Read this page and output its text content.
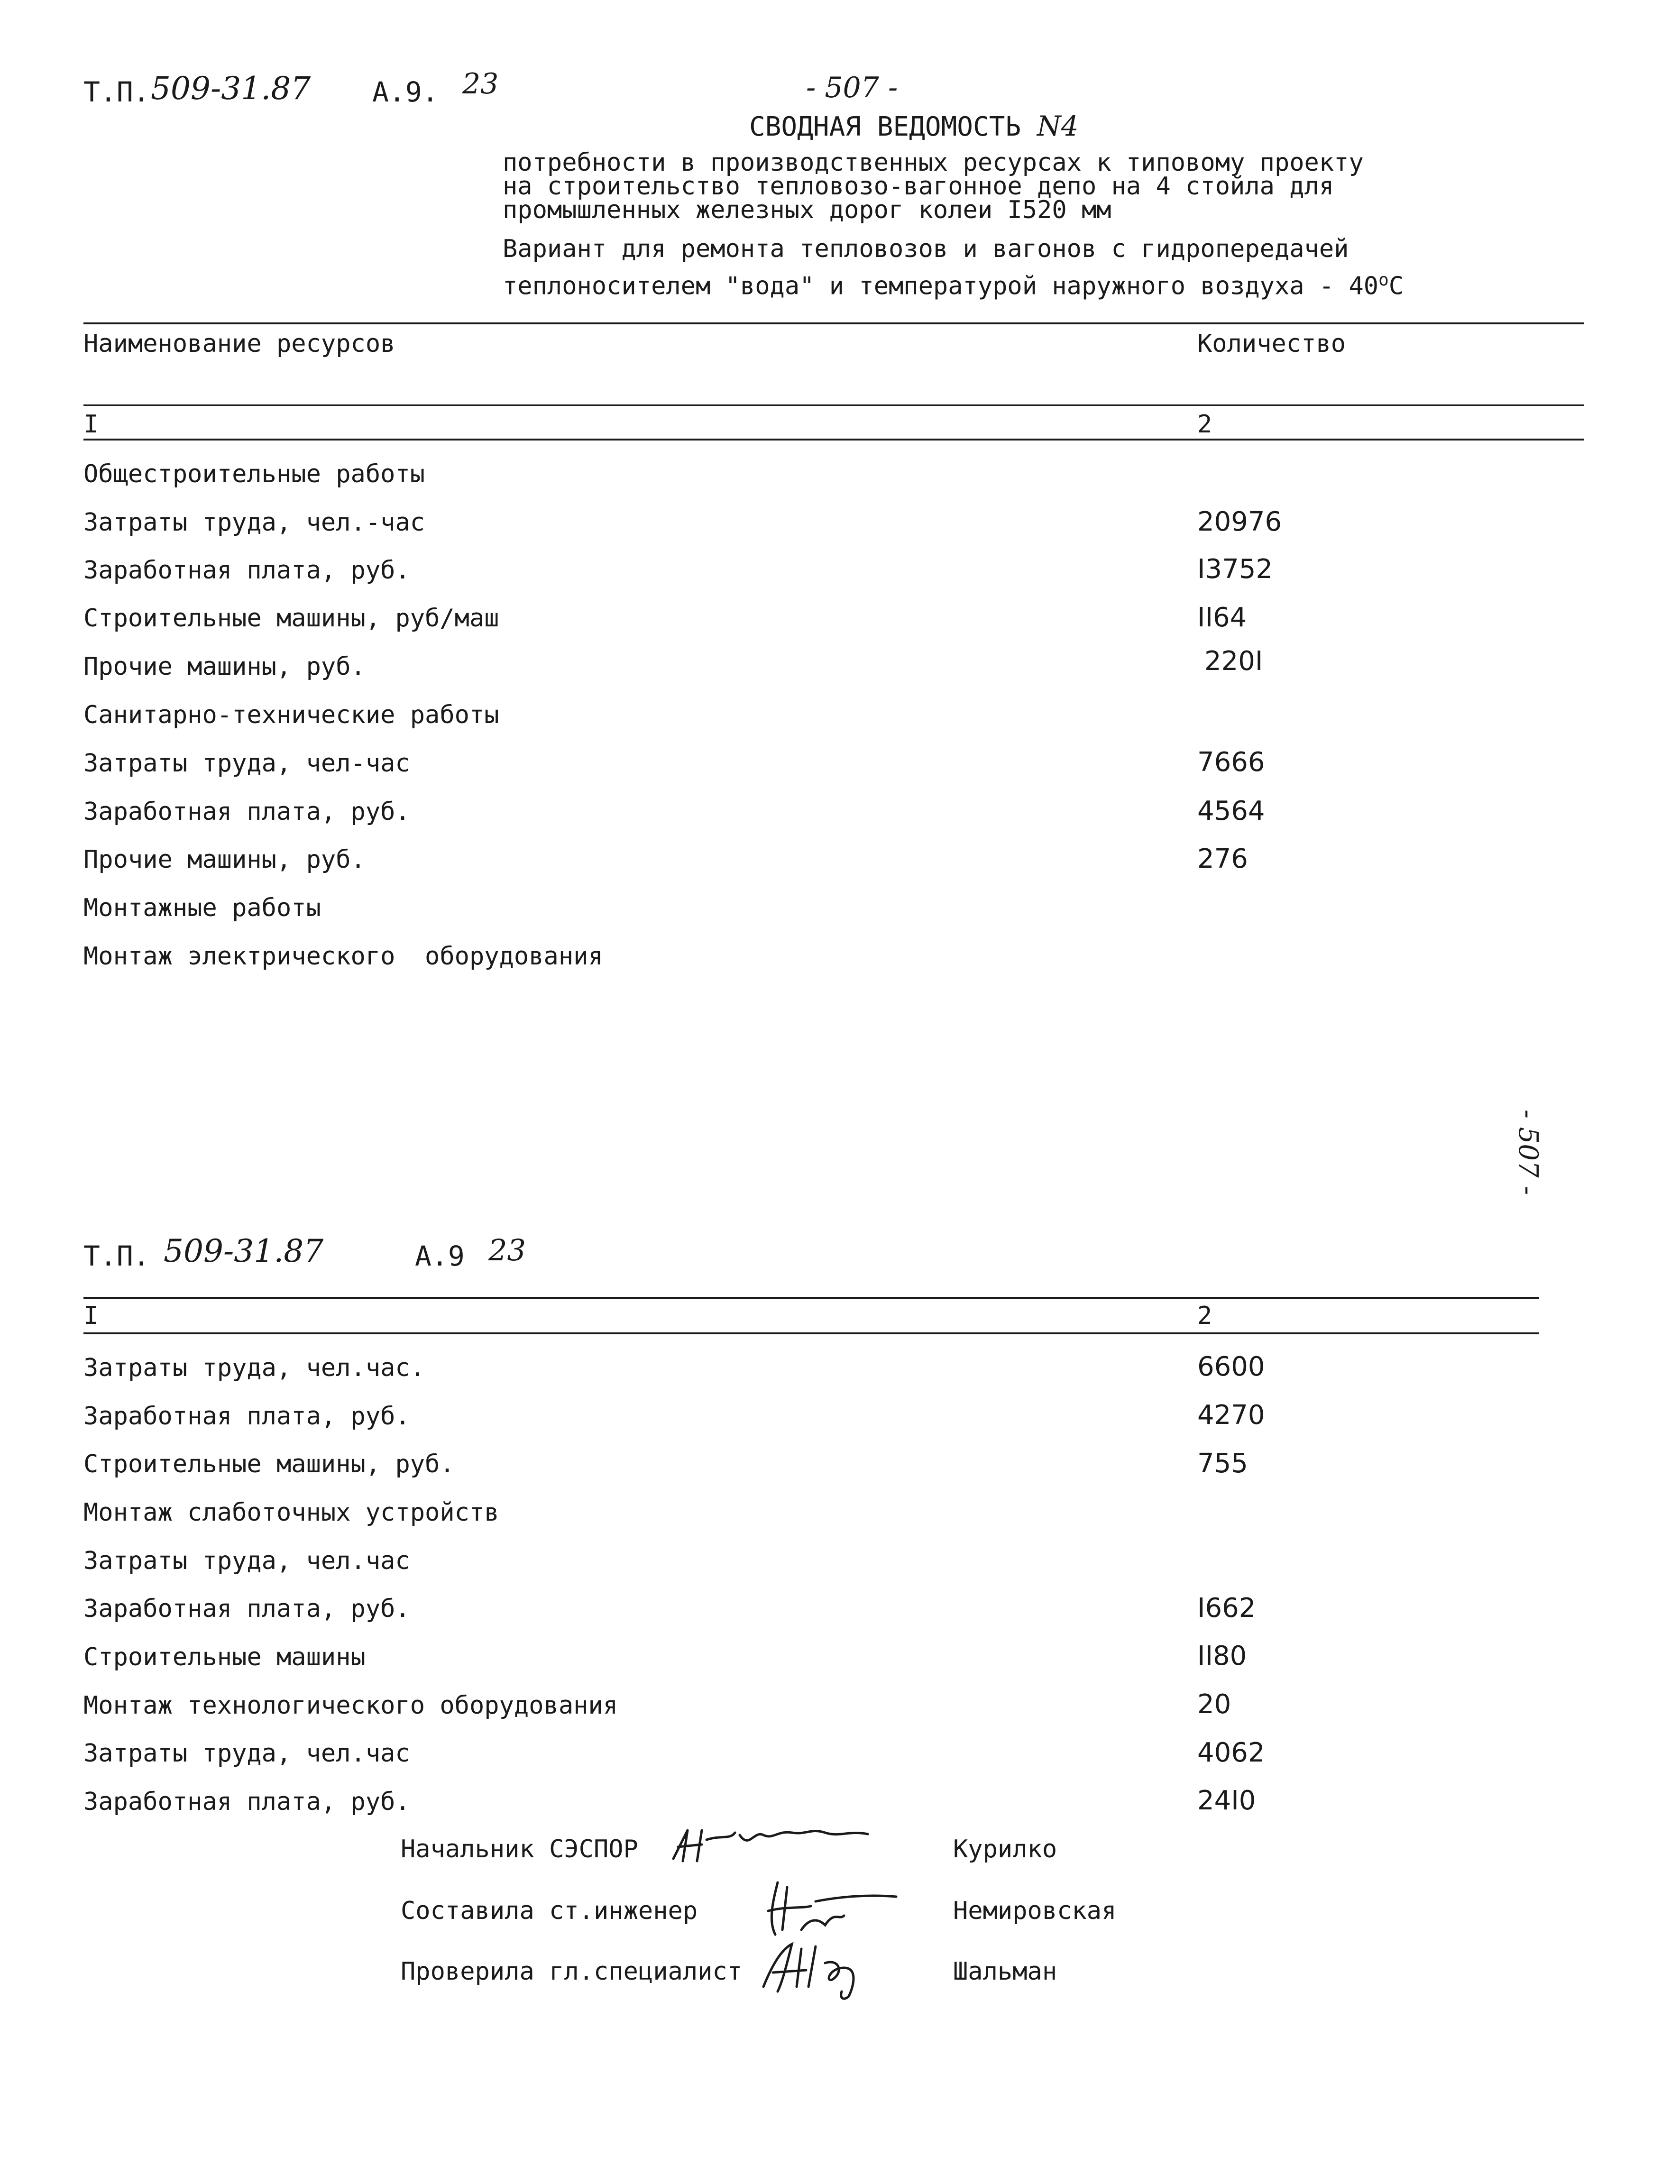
Т.П. 509-31.87 А.9. 23	- 507 -
СВОДНАЯ ВЕДОМОСТЬ N4
потребности в производственных ресурсах к типовому проекту
на строительство тепловозо-вагонное депо на 4 стойла для
промышленных железных дорог колеи I520 мм
Вариант для ремонта тепловозов и вагонов с гидропередачей
теплоносителем "вода" и температурой наружного воздуха - 40$^o$С
Наименование ресурсов	Количество
I	2
Общестроительные работы
Затраты труда, чел.-час	20976
Заработная плата, руб.	I3752
Строительные машины, руб/маш	II64
Прочие машины, руб.	220I
Санитарно-технические работы
Затраты труда, чел-час	7666
Заработная плата, руб.	4564
Прочие машины, руб.	276
Монтажные работы
Монтаж электрического  оборудования
- 507 -
Т.П. 509-31.87	А.9 23
I	2
Затраты труда, чел.час.	6600
Заработная плата, руб.	4270
Строительные машины, руб.	755
Монтаж слаботочных устройств
Затраты труда, чел.час
Заработная плата, руб.	I662
Строительные машины	II80
Монтаж технологического оборудования	20
Затраты труда, чел.час	4062
Заработная плата, руб.	24I0
Начальник СЭСПОР	Курилко
Составила ст.инженер	Немировская
Проверила гл.специалист	Шальман
